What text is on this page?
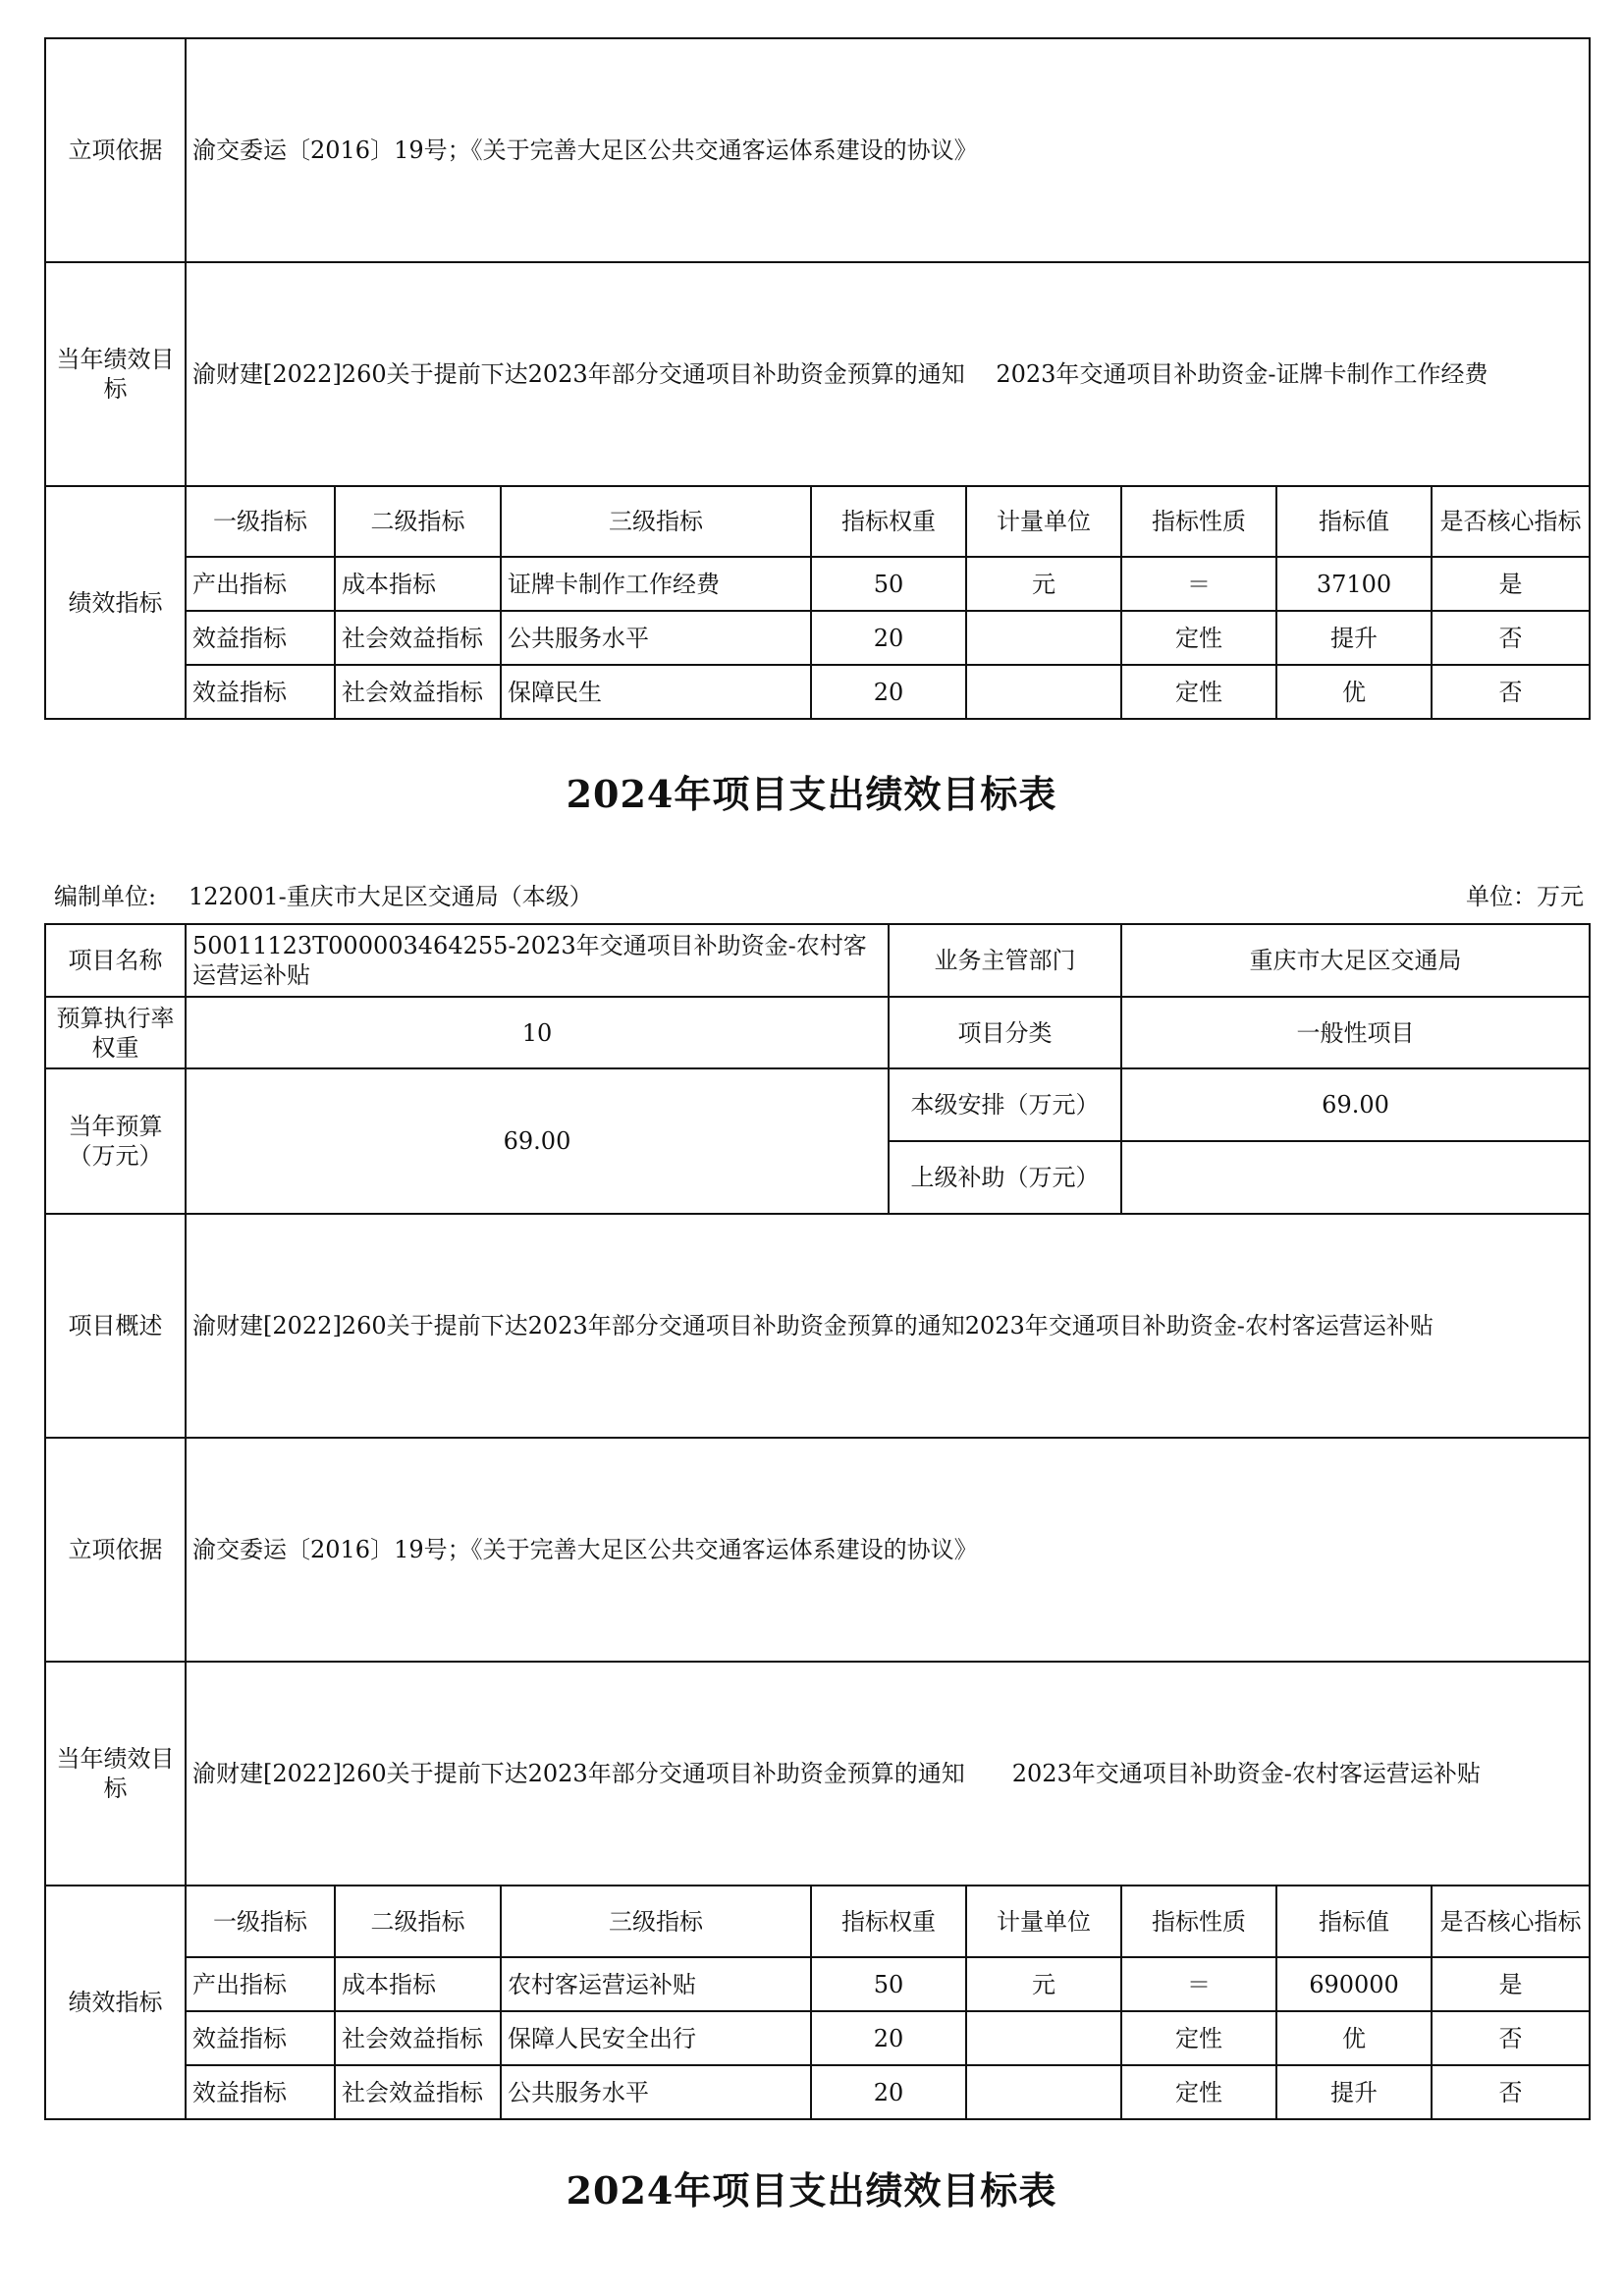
立项依据	渝交委运〔2016〕19号；《关于完善大足区公共交通客运体系建设的协议》							
当年绩效目标	渝财建[2022]260关于提前下达2023年部分交通项目补助资金预算的通知　 2023年交通项目补助资金-证牌卡制作工作经费							
绩效指标	一级指标	二级指标	三级指标	指标权重	计量单位	指标性质	指标值	是否核心指标
	产出指标	成本指标	证牌卡制作工作经费	50	元	＝	37100	是
	效益指标	社会效益指标	公共服务水平	20		定性	提升	否
	效益指标	社会效益指标	保障民生	20		定性	优	否
2024年项目支出绩效目标表
编制单位: 122001-重庆市大足区交通局（本级）	单位：万元
项目名称	50011123T000003464255-2023年交通项目补助资金-农村客运营运补贴				业务主管部门		重庆市大足区交通局		
预算执行率权重	10				项目分类		一般性项目		
当年预算（万元）	69.00				本级安排（万元）		69.00		
					上级补助（万元）				
项目概述	渝财建[2022]260关于提前下达2023年部分交通项目补助资金预算的通知2023年交通项目补助资金-农村客运营运补贴								
立项依据	渝交委运〔2016〕19号；《关于完善大足区公共交通客运体系建设的协议》								
当年绩效目标	渝财建[2022]260关于提前下达2023年部分交通项目补助资金预算的通知　　2023年交通项目补助资金-农村客运营运补贴								
绩效指标	一级指标	二级指标	三级指标	指标权重		计量单位	指标性质	指标值	是否核心指标
	产出指标	成本指标	农村客运营运补贴	50		元	＝	690000	是
	效益指标	社会效益指标	保障人民安全出行	20			定性	优	否
	效益指标	社会效益指标	公共服务水平	20			定性	提升	否
2024年项目支出绩效目标表
